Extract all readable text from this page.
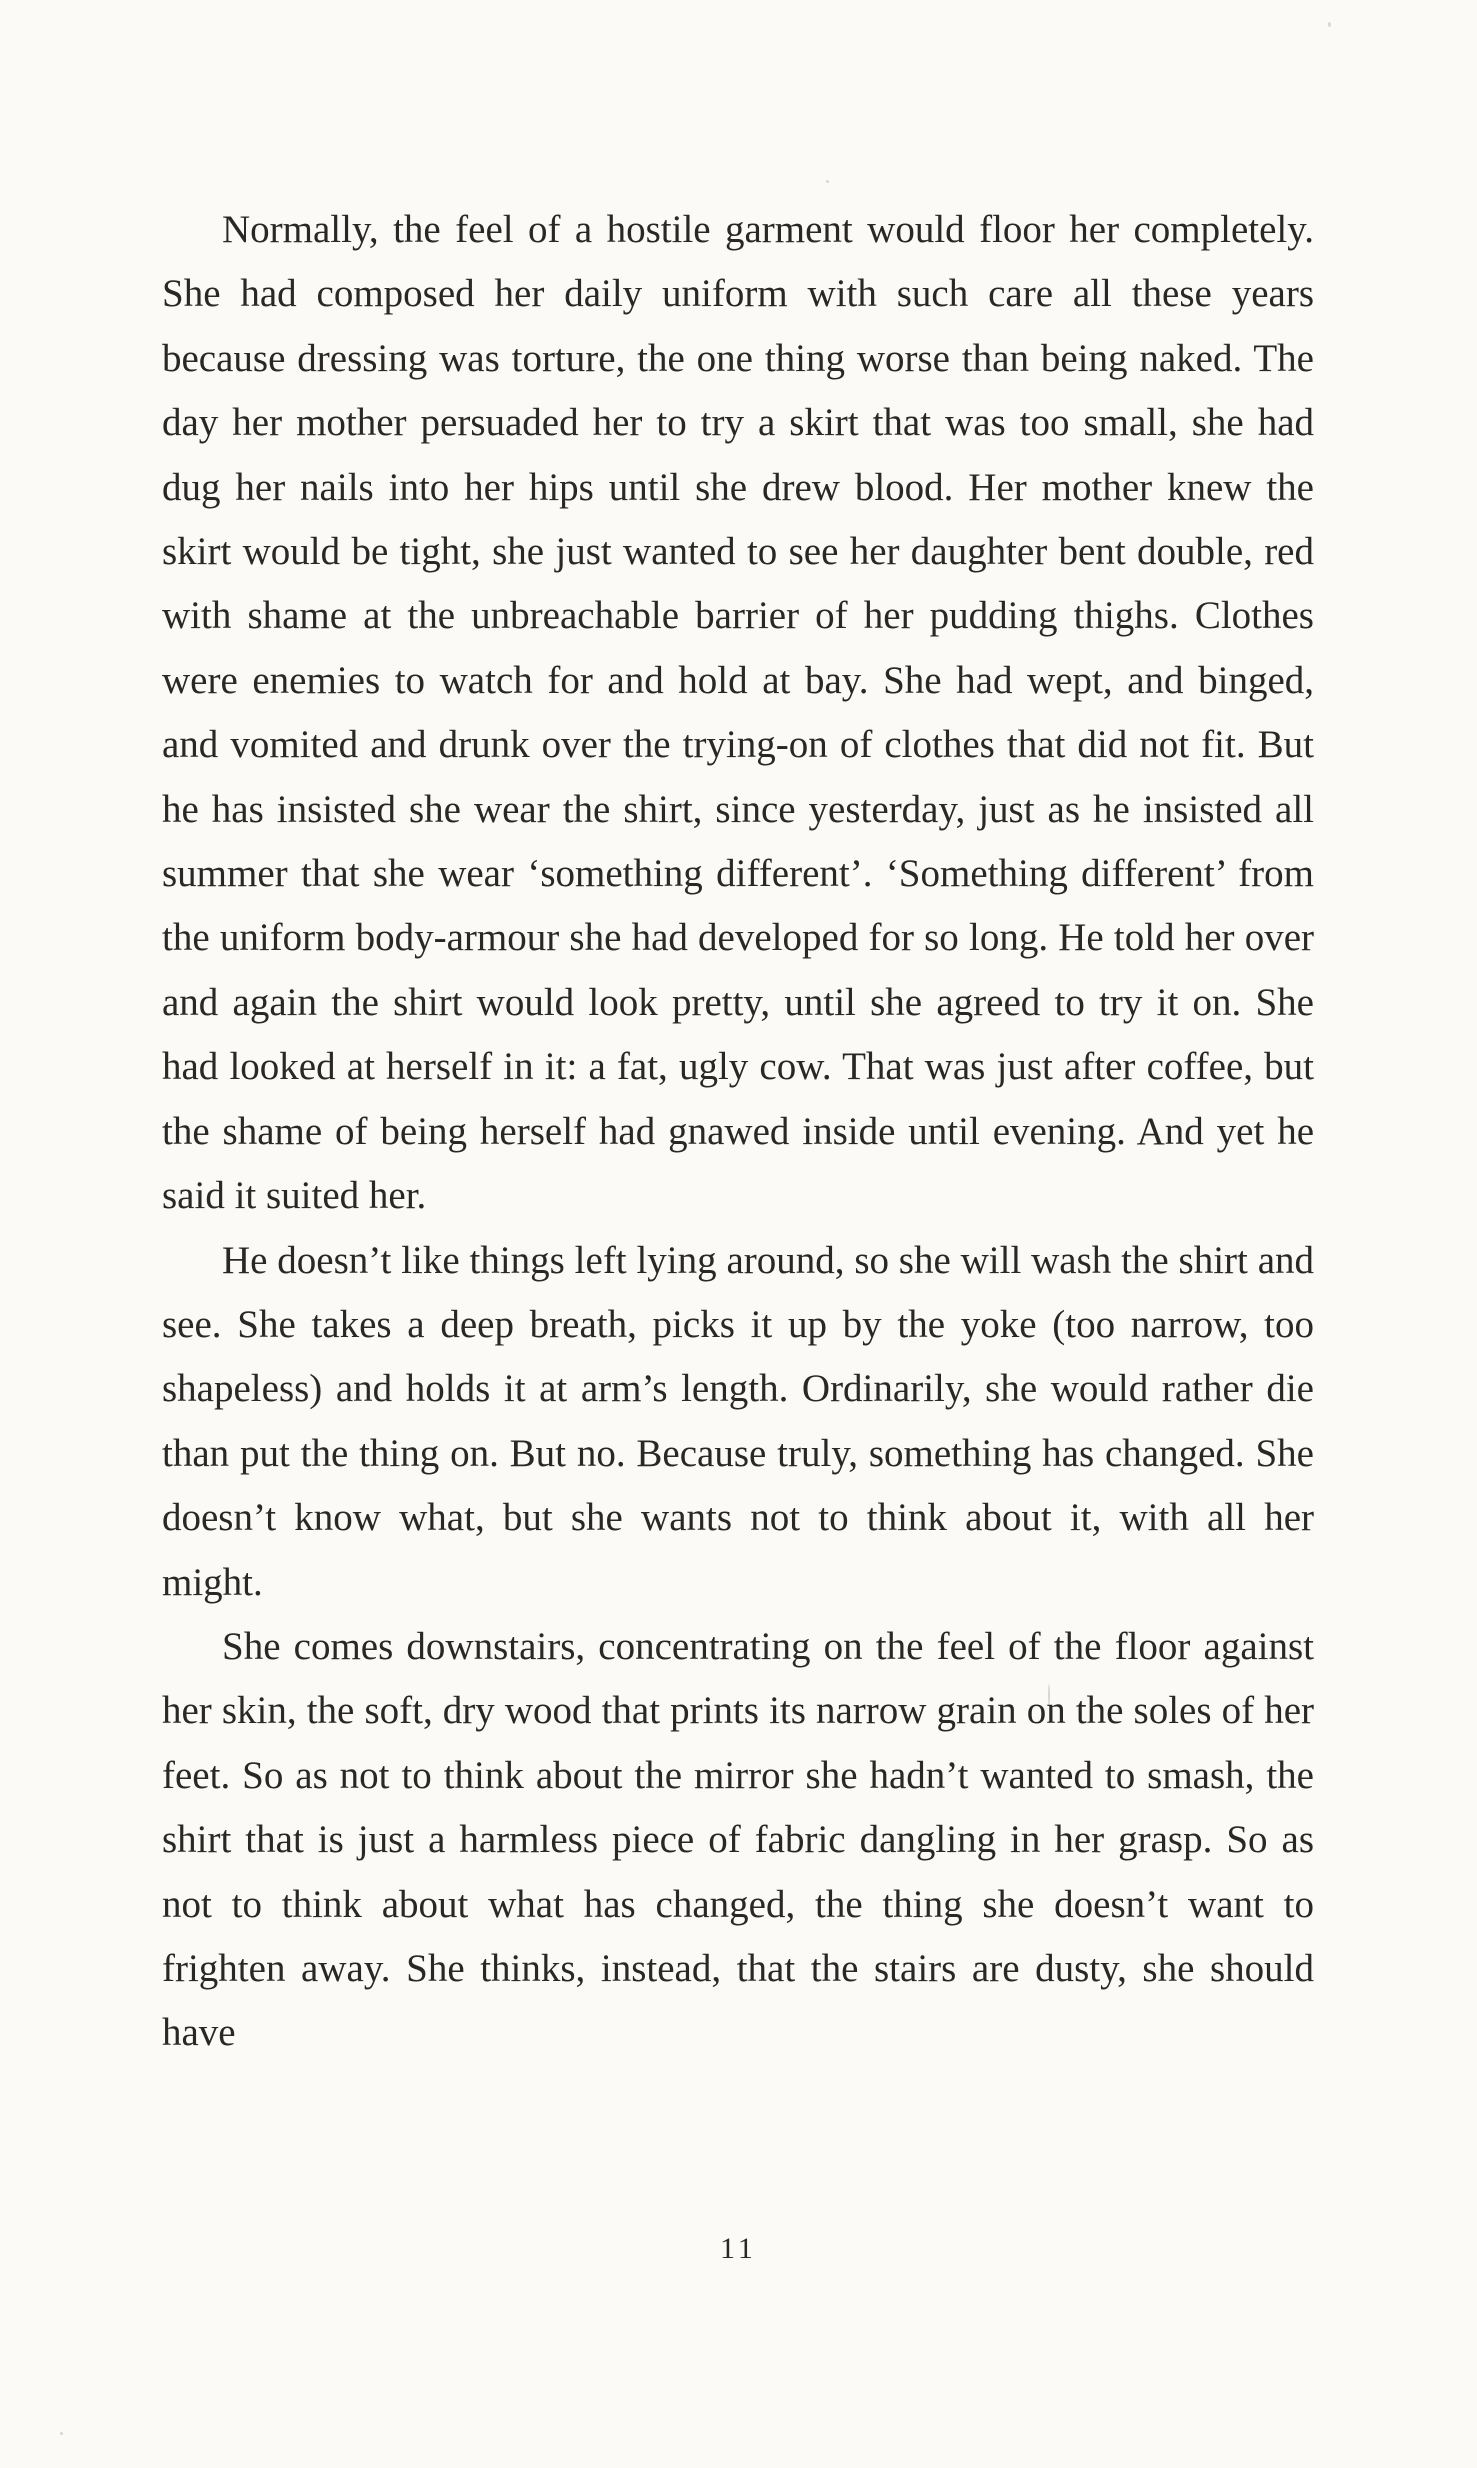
Normally, the feel of a hostile garment would floor her completely. She had composed her daily uniform with such care all these years because dressing was torture, the one thing worse than being naked. The day her mother persuaded her to try a skirt that was too small, she had dug her nails into her hips until she drew blood. Her mother knew the skirt would be tight, she just wanted to see her daughter bent double, red with shame at the unbreachable barrier of her pudding thighs. Clothes were enemies to watch for and hold at bay. She had wept, and binged, and vomited and drunk over the trying-on of clothes that did not fit. But he has insisted she wear the shirt, since yesterday, just as he insisted all summer that she wear ‘something different’. ‘Something different’ from the uniform body-armour she had developed for so long. He told her over and again the shirt would look pretty, until she agreed to try it on. She had looked at herself in it: a fat, ugly cow. That was just after coffee, but the shame of being herself had gnawed inside until evening. And yet he said it suited her.

He doesn’t like things left lying around, so she will wash the shirt and see. She takes a deep breath, picks it up by the yoke (too narrow, too shapeless) and holds it at arm’s length. Ordinarily, she would rather die than put the thing on. But no. Because truly, something has changed. She doesn’t know what, but she wants not to think about it, with all her might.

She comes downstairs, concentrating on the feel of the floor against her skin, the soft, dry wood that prints its narrow grain on the soles of her feet. So as not to think about the mirror she hadn’t wanted to smash, the shirt that is just a harmless piece of fabric dangling in her grasp. So as not to think about what has changed, the thing she doesn’t want to frighten away. She thinks, instead, that the stairs are dusty, she should have

11
